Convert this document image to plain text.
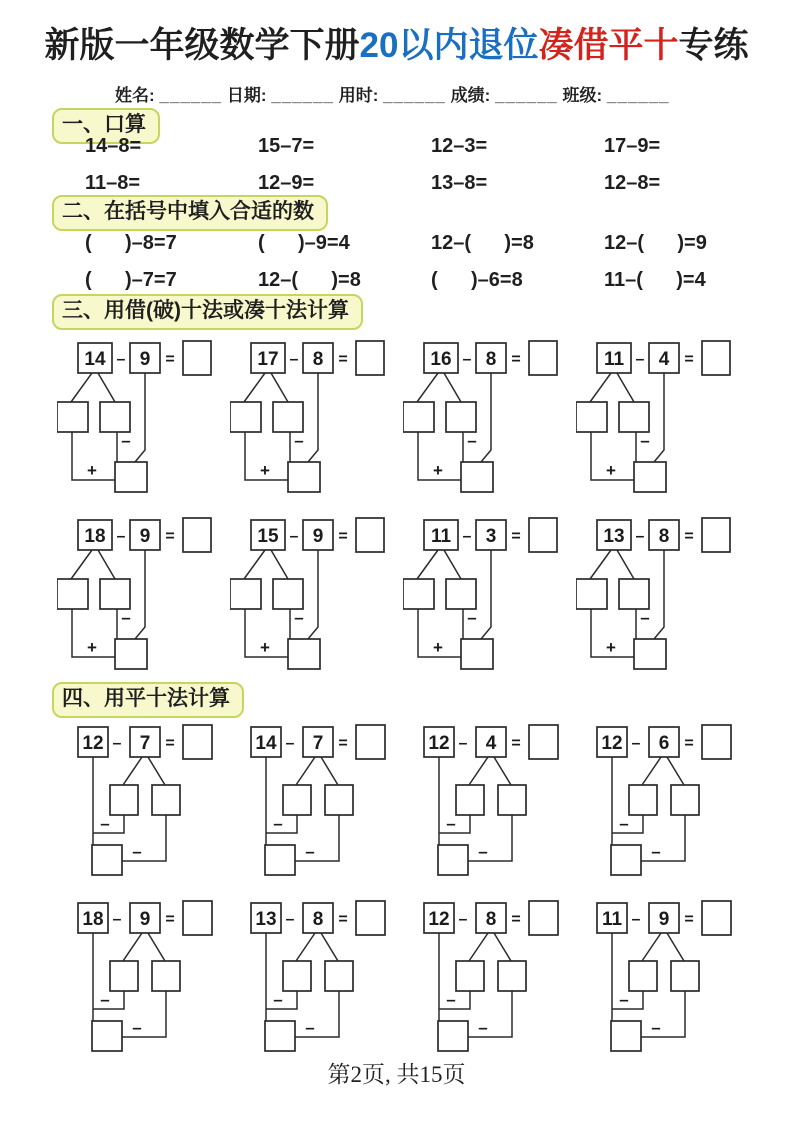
新版一年级数学下册20以内退位凑借平十专练
姓名: ______ 日期: ______ 用时: ______ 成绩: ______ 班级: ______
一、口算
14–8=	15–7=	12–3=	17–9=
11–8=	12–9=	13–8=	12–8=
二、在括号中填入合适的数
(      )–8=7	(      )–9=4	12–(      )=8	12–(      )=9
(      )–7=7	12–(      )=8	(      )–6=8	11–(      )=4
三、用借(破)十法或凑十法计算
14 – 9 =
–
+
17 – 8 =
–
+
16 – 8 =
–
+
11 – 4 =
–
+
18 – 9 =
–
+
15 – 9 =
–
+
11 – 3 =
–
+
13 – 8 =
–
+
四、用平十法计算
12 – 7 =
–
–
14 – 7 =
–
–
12 – 4 =
–
–
12 – 6 =
–
–
18 – 9 =
–
–
13 – 8 =
–
–
12 – 8 =
–
–
11 – 9 =
–
–
第2页, 共15页
